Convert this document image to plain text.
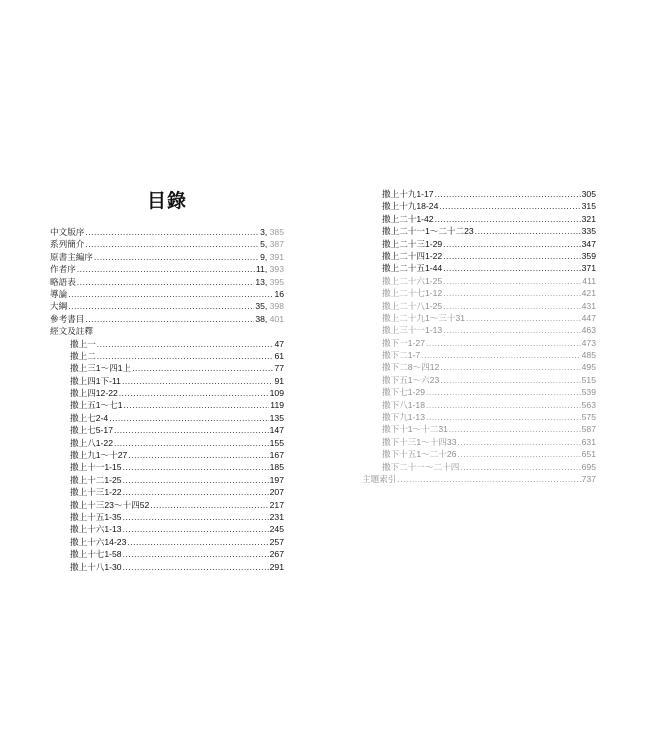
目錄
中文版序 .....	3 , 385
系列簡介 .....	5 , 387
原書主編序 .....	9 , 391
作者序 .....	11 , 393
略語表 .....	13 , 395
導論 .....	16
大綱 .....	35 , 398
參考書目 .....	38 , 401
經文及註釋
撒上一 .....	47
撒上二 .....	61
撒上三1～四1上 .....	77
撒上四1下-11 .....	91
撒上四12-22 .....	109
撒上五1～七1 .....	119
撒上七2-4 .....	135
撒上七5-17 .....	147
撒上八1-22 .....	155
撒上九1～十27 .....	167
撒上十一1-15 .....	185
撒上十二1-25 .....	197
撒上十三1-22 .....	207
撒上十三23～十四52 .....	217
撒上十五1-35 .....	231
撒上十六1-13 .....	245
撒上十六14-23 .....	257
撒上十七1-58 .....	267
撒上十八1-30 .....	291
撒上十九1-17 .....	305
撒上十九18-24 .....	315
撒上二十1-42 .....	321
撒上二十一1～二十二23 .....	335
撒上二十三1-29 .....	347
撒上二十四1-22 .....	359
撒上二十五1-44 .....	371
撒上二十六1-25 .....	411
撒上二十七1-12 .....	421
撒上二十八1-25 .....	431
撒上二十九1～三十31 .....	447
撒上三十一1-13 .....	463
撒下一1-27 .....	473
撒下二1-7 .....	485
撒下二8～四12 .....	495
撒下五1～六23 .....	515
撒下七1-29 .....	539
撒下八1-18 .....	563
撒下九1-13 .....	575
撒下十1～十二31 .....	587
撒下十三1～十四33 .....	631
撒下十五1～二十26 .....	651
撒下二十一～二十四 .....	695
主題索引 .....	737
